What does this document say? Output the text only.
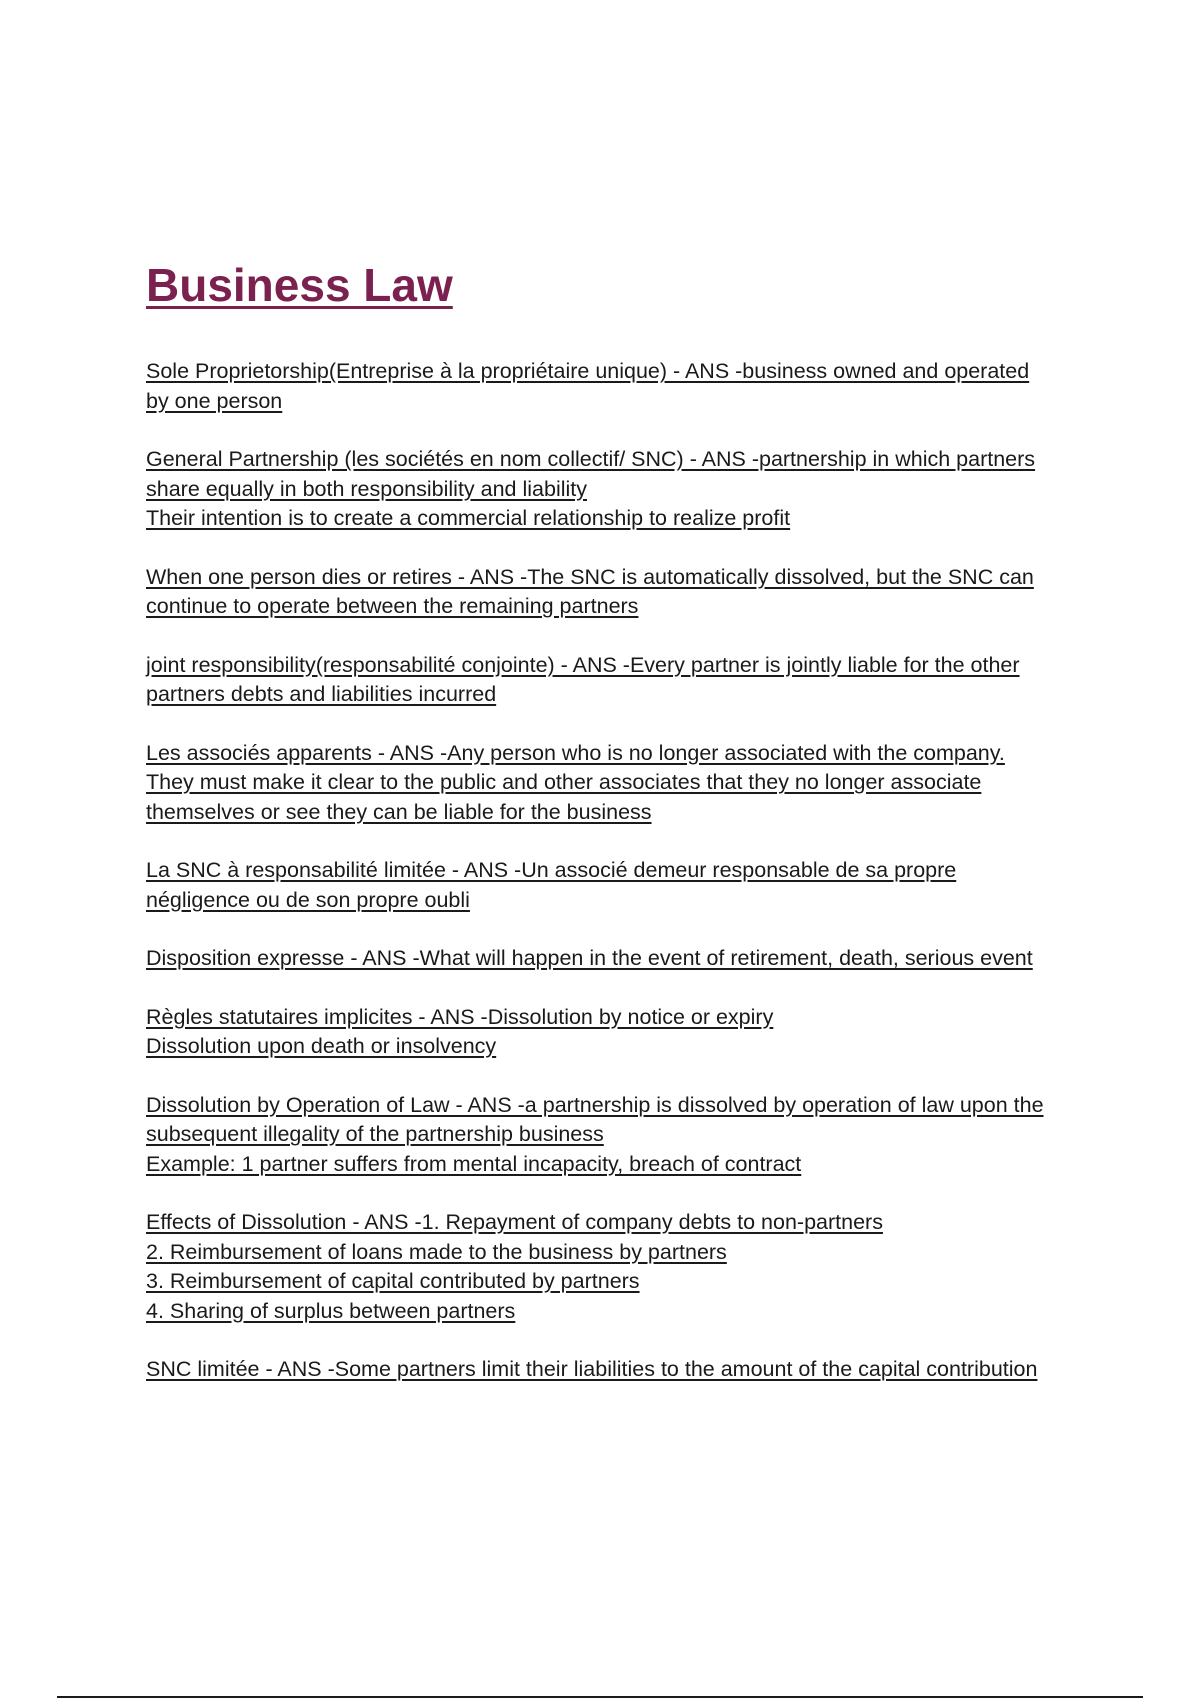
Business Law
Sole Proprietorship(Entreprise à la propriétaire unique) - ANS -business owned and operated
by one person
General Partnership (les sociétés en nom collectif/ SNC) - ANS -partnership in which partners
share equally in both responsibility and liability
Their intention is to create a commercial relationship to realize profit
When one person dies or retires - ANS -The SNC is automatically dissolved, but the SNC can
continue to operate between the remaining partners
joint responsibility(responsabilité conjointe) - ANS -Every partner is jointly liable for the other
partners debts and liabilities incurred
Les associés apparents - ANS -Any person who is no longer associated with the company.
They must make it clear to the public and other associates that they no longer associate
themselves or see they can be liable for the business
La SNC à responsabilité limitée - ANS -Un associé demeur responsable de sa propre
négligence ou de son propre oubli
Disposition expresse - ANS -What will happen in the event of retirement, death, serious event
Règles statutaires implicites - ANS -Dissolution by notice or expiry
Dissolution upon death or insolvency
Dissolution by Operation of Law - ANS -a partnership is dissolved by operation of law upon the
subsequent illegality of the partnership business
Example: 1 partner suffers from mental incapacity, breach of contract
Effects of Dissolution - ANS -1. Repayment of company debts to non-partners
2. Reimbursement of loans made to the business by partners
3. Reimbursement of capital contributed by partners
4. Sharing of surplus between partners
SNC limitée - ANS -Some partners limit their liabilities to the amount of the capital contribution
